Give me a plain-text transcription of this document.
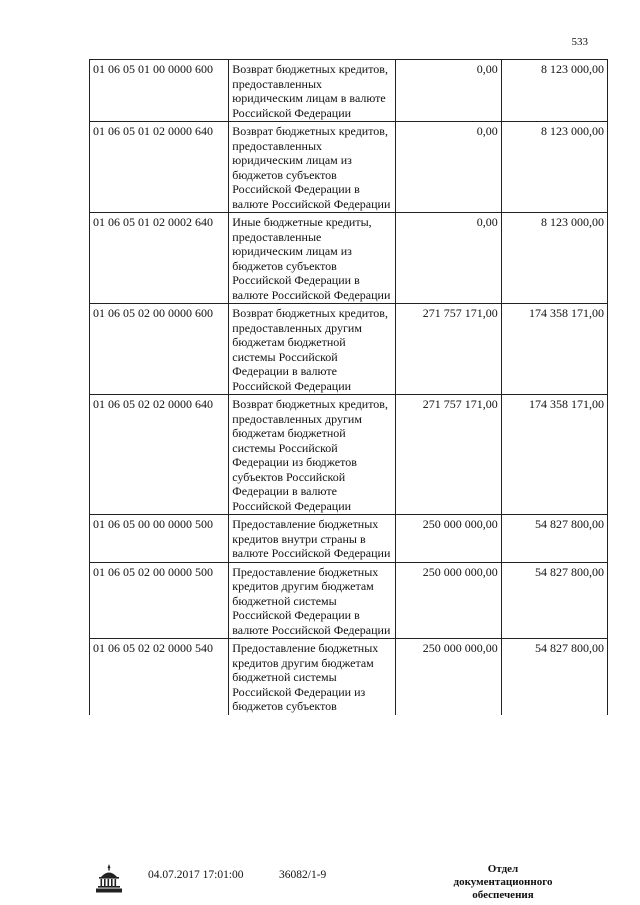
533
01 06 05 01 00 0000 600	Возврат бюджетных кредитов, предоставленных юридическим лицам в валюте Российской Федерации	0,00	8 123 000,00
01 06 05 01 02 0000 640	Возврат бюджетных кредитов, предоставленных юридическим лицам из бюджетов субъектов Российской Федерации в валюте Российской Федерации	0,00	8 123 000,00
01 06 05 01 02 0002 640	Иные бюджетные кредиты, предоставленные юридическим лицам из бюджетов субъектов Российской Федерации в валюте Российской Федерации	0,00	8 123 000,00
01 06 05 02 00 0000 600	Возврат бюджетных кредитов, предоставленных другим бюджетам бюджетной системы Российской Федерации в валюте Российской Федерации	271 757 171,00	174 358 171,00
01 06 05 02 02 0000 640	Возврат бюджетных кредитов, предоставленных другим бюджетам бюджетной системы Российской Федерации из бюджетов субъектов Российской Федерации в валюте Российской Федерации	271 757 171,00	174 358 171,00
01 06 05 00 00 0000 500	Предоставление бюджетных кредитов внутри страны в валюте Российской Федерации	250 000 000,00	54 827 800,00
01 06 05 02 00 0000 500	Предоставление бюджетных кредитов другим бюджетам бюджетной системы Российской Федерации в валюте Российской Федерации	250 000 000,00	54 827 800,00
01 06 05 02 02 0000 540	Предоставление бюджетных кредитов другим бюджетам бюджетной системы Российской Федерации из бюджетов субъектов	250 000 000,00	54 827 800,00
04.07.2017 17:01:00	36082/1-9	Отдел документационного
обеспечения
